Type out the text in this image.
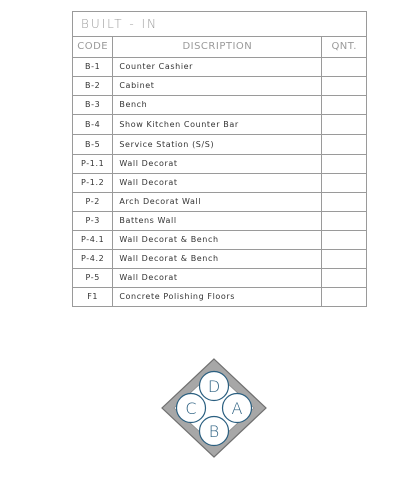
BUILT - IN		
CODE	DISCRIPTION	QNT.
B-1	Counter Cashier	
B-2	Cabinet	
B-3	Bench	
B-4	Show Kitchen Counter Bar	
B-5	Service Station (S/S)	
P-1.1	Wall Decorat	
P-1.2	Wall Decorat	
P-2	Arch Decorat Wall	
P-3	Battens Wall	
P-4.1	Wall Decorat & Bench	
P-4.2	Wall Decorat & Bench	
P-5	Wall Decorat	
F1	Concrete Polishing Floors	
D
A
B
C
